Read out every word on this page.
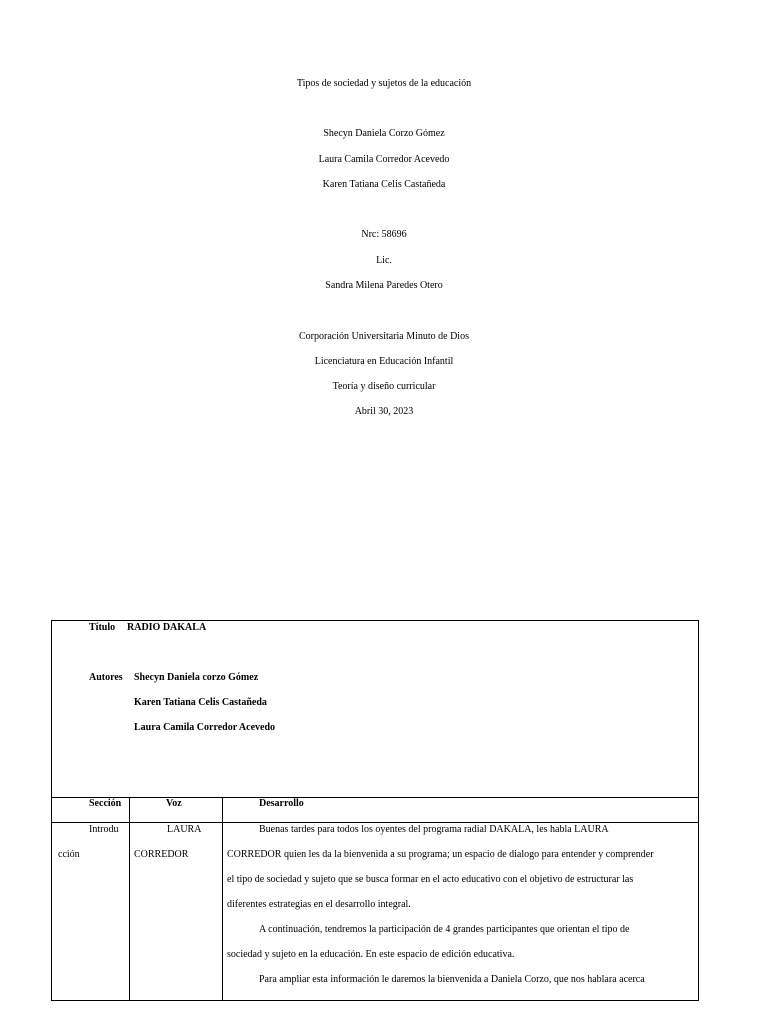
Tipos de sociedad y sujetos de la educación
Shecyn Daniela Corzo Gómez
Laura Camila Corredor Acevedo
Karen Tatiana Celis Castañeda
Nrc: 58696
Lic.
Sandra Milena Paredes Otero
Corporación Universitaria Minuto de Dios
Licenciatura en Educación Infantil
Teoría y diseño curricular
Abril 30, 2023
Título RADIO DAKALA
Autores Shecyn Daniela corzo Gómez
Karen Tatiana Celis Castañeda
Laura Camila Corredor Acevedo
Sección	Voz	Desarrollo
Introdu
cción
LAURA
CORREDOR
Buenas tardes para todos los oyentes del programa radial DAKALA, les habla LAURA
CORREDOR quien les da la bienvenida a su programa; un espacio de dialogo para entender y comprender
el tipo de sociedad y sujeto que se busca formar en el acto educativo con el objetivo de estructurar las
diferentes estrategias en el desarrollo integral.
A continuación, tendremos la participación de 4 grandes participantes que orientan el tipo de
sociedad y sujeto en la educación. En este espacio de edición educativa.
Para ampliar esta información le daremos la bienvenida a Daniela Corzo, que nos hablara acerca
